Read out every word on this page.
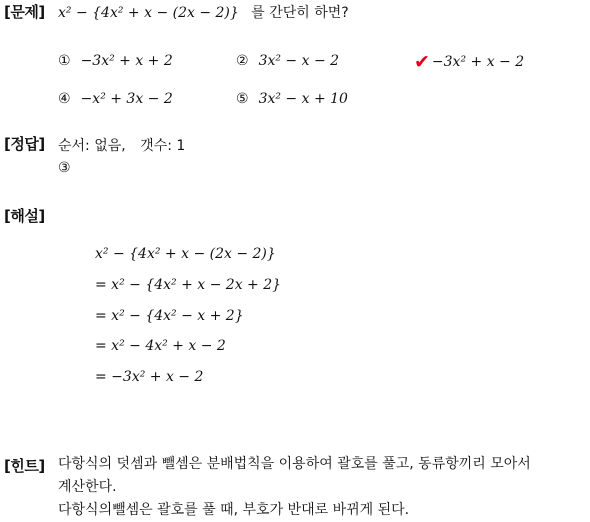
[문제] x² − {4x² + x − (2x − 2)} 를 간단히 하면?
① −3x² + x + 2	② 3x² − x − 2	✔ −3x² + x − 2
④ −x² + 3x − 2	⑤ 3x² − x + 10
[정답] 순서: 없음, 갯수: 1
③
[해설]
x² − {4x² + x − (2x − 2)}
= x² − {4x² + x − 2x + 2}
= x² − {4x² − x + 2}
= x² − 4x² + x − 2
= −3x² + x − 2
[힌트] 다항식의 덧셈과 뺄셈은 분배법칙을 이용하여 괄호를 풀고, 동류항끼리 모아서

계산한다.

다항식의뺄셈은 괄호를 풀 때, 부호가 반대로 바뀌게 된다.
